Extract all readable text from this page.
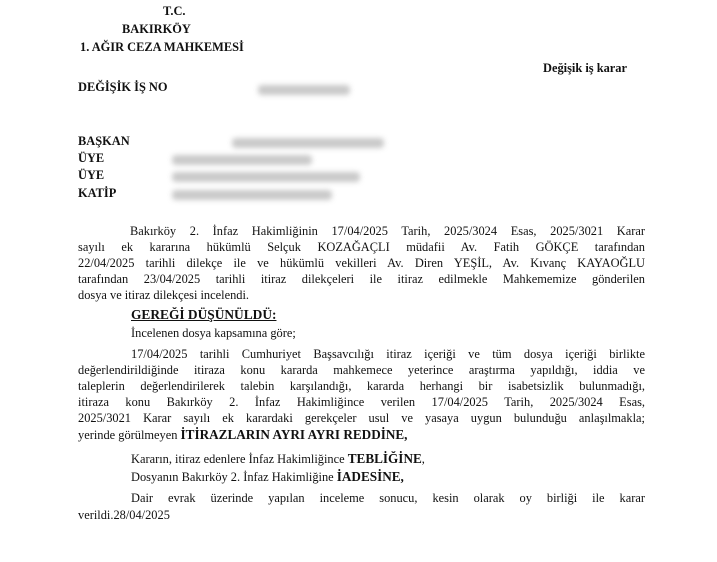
T.C.
BAKIRKÖY
1. AĞIR CEZA MAHKEMESİ
Değişik iş karar
DEĞİŞİK İŞ NO
BAŞKAN
ÜYE
ÜYE
KATİP
Bakırköy 2. İnfaz Hakimliğinin 17/04/2025 Tarih, 2025/3024 Esas, 2025/3021 Karar
sayılı ek kararına hükümlü Selçuk KOZAĞAÇLI müdafii Av. Fatih GÖKÇE tarafından
22/04/2025 tarihli dilekçe ile ve hükümlü vekilleri Av. Diren YEŞİL, Av. Kıvanç KAYAOĞLU
tarafından 23/04/2025 tarihli itiraz dilekçeleri ile itiraz edilmekle Mahkememize gönderilen
dosya ve itiraz dilekçesi incelendi.
GEREĞİ DÜŞÜNÜLDÜ:
İncelenen dosya kapsamına göre;
17/04/2025 tarihli Cumhuriyet Başsavcılığı itiraz içeriği ve tüm dosya içeriği birlikte
değerlendirildiğinde itiraza konu kararda mahkemece yeterince araştırma yapıldığı, iddia ve
taleplerin değerlendirilerek talebin karşılandığı, kararda herhangi bir isabetsizlik bulunmadığı,
itiraza konu Bakırköy 2. İnfaz Hakimliğince verilen 17/04/2025 Tarih, 2025/3024 Esas,
2025/3021 Karar sayılı ek karardaki gerekçeler usul ve yasaya uygun bulunduğu anlaşılmakla;
yerinde görülmeyen İTİRAZLARIN AYRI AYRI REDDİNE,
Kararın, itiraz edenlere İnfaz Hakimliğince TEBLİĞİNE,
Dosyanın Bakırköy 2. İnfaz Hakimliğine İADESİNE,
Dair evrak üzerinde yapılan inceleme sonucu, kesin olarak oy birliği ile karar
verildi.28/04/2025
